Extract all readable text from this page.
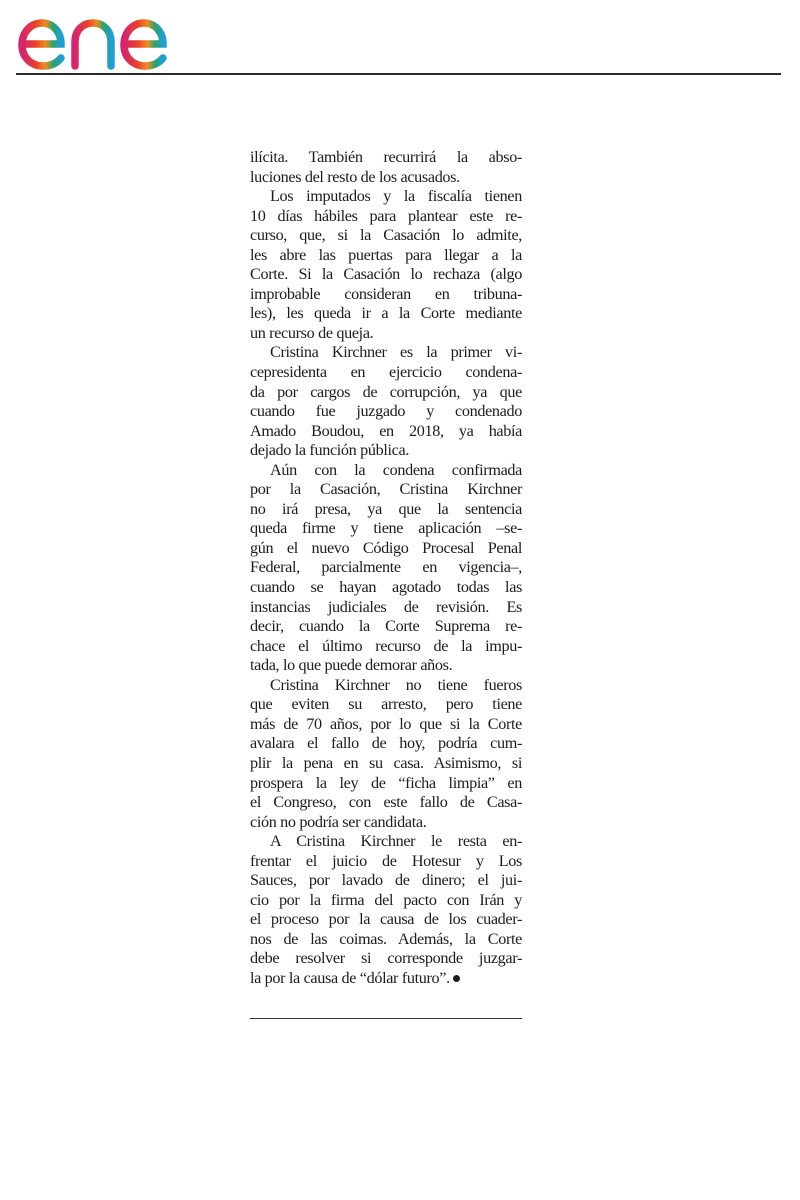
ilícita. También recurrirá la abso-
luciones del resto de los acusados.

Los imputados y la fiscalía tienen
10 días hábiles para plantear este re-
curso, que, si la Casación lo admite,
les abre las puertas para llegar a la
Corte. Si la Casación lo rechaza (algo
improbable consideran en tribuna-
les), les queda ir a la Corte mediante
un recurso de queja.

Cristina Kirchner es la primer vi-
cepresidenta en ejercicio condena-
da por cargos de corrupción, ya que
cuando fue juzgado y condenado
Amado Boudou, en 2018, ya había
dejado la función pública.

Aún con la condena confirmada
por la Casación, Cristina Kirchner
no irá presa, ya que la sentencia
queda firme y tiene aplicación –se-
gún el nuevo Código Procesal Penal
Federal, parcialmente en vigencia–,
cuando se hayan agotado todas las
instancias judiciales de revisión. Es
decir, cuando la Corte Suprema re-
chace el último recurso de la impu-
tada, lo que puede demorar años.

Cristina Kirchner no tiene fueros
que eviten su arresto, pero tiene
más de 70 años, por lo que si la Corte
avalara el fallo de hoy, podría cum-
plir la pena en su casa. Asimismo, si
prospera la ley de “ficha limpia” en
el Congreso, con este fallo de Casa-
ción no podría ser candidata.

A Cristina Kirchner le resta en-
frentar el juicio de Hotesur y Los
Sauces, por lavado de dinero; el jui-
cio por la firma del pacto con Irán y
el proceso por la causa de los cuader-
nos de las coimas. Además, la Corte
debe resolver si corresponde juzgar-
la por la causa de “dólar futuro”.
